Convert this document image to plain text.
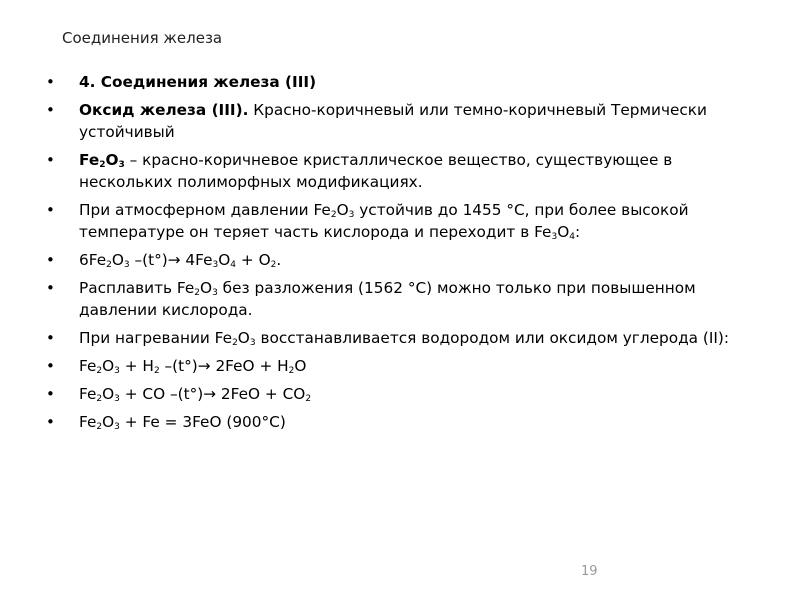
Соединения железа
• 4. Соединения железа (III)
• Оксид железа (III). Красно-коричневый или темно-коричневый Термически устойчивый
• $Fe_2O_3$ – красно-коричневое кристаллическое вещество, существующее в нескольких полиморфных модификациях.
• При атмосферном давлении $Fe_2O_3$ устойчив до 1455 °С, при более высокой температуре он теряет часть кислорода и переходит в $Fe_3O_4$:
• $6Fe_2O_3$ $-(t^\circ)\to 4Fe_3O_4 + O_2$.
• Расплавить $Fe_2O_3$ без разложения (1562 °С) можно только при повышенном давлении кислорода.
• При нагревании $Fe_2O_3$ восстанавливается водородом или оксидом углерода (II):
• $Fe_2O_3 + H_2$ $-(t^\circ)\to 2FeO + H_2O$
• $Fe_2O_3$ + CO $-(t^\circ)\to 2FeO + CO_2$
• $Fe_2O_3 + Fe = 3FeO$ (900°С)
19
